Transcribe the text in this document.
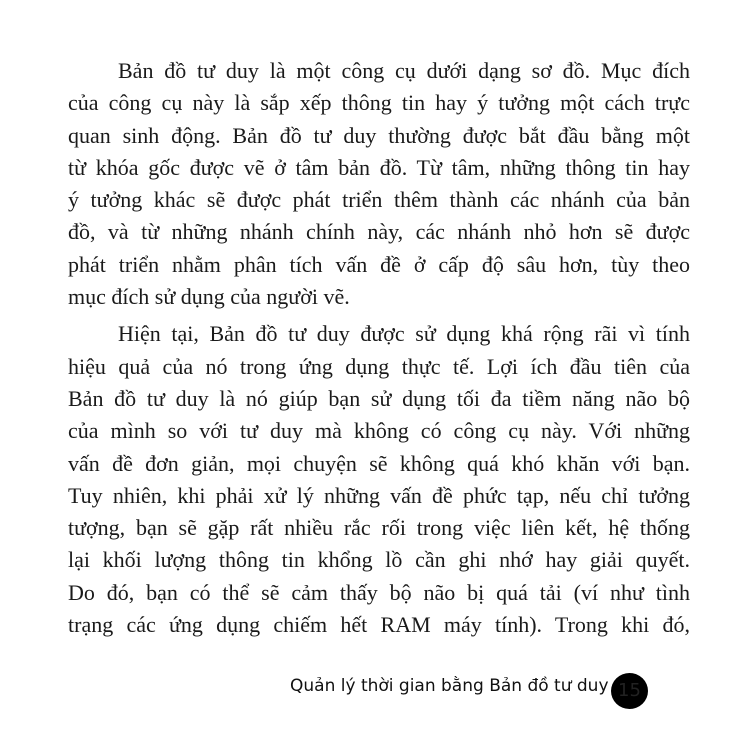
Bản đồ tư duy là một công cụ dưới dạng sơ đồ. Mục đích
của công cụ này là sắp xếp thông tin hay ý tưởng một cách trực
quan sinh động. Bản đồ tư duy thường được bắt đầu bằng một
từ khóa gốc được vẽ ở tâm bản đồ. Từ tâm, những thông tin hay
ý tưởng khác sẽ được phát triển thêm thành các nhánh của bản
đồ, và từ những nhánh chính này, các nhánh nhỏ hơn sẽ được
phát triển nhằm phân tích vấn đề ở cấp độ sâu hơn, tùy theo
mục đích sử dụng của người vẽ.
Hiện tại, Bản đồ tư duy được sử dụng khá rộng rãi vì tính
hiệu quả của nó trong ứng dụng thực tế. Lợi ích đầu tiên của
Bản đồ tư duy là nó giúp bạn sử dụng tối đa tiềm năng não bộ
của mình so với tư duy mà không có công cụ này. Với những
vấn đề đơn giản, mọi chuyện sẽ không quá khó khăn với bạn.
Tuy nhiên, khi phải xử lý những vấn đề phức tạp, nếu chỉ tưởng
tượng, bạn sẽ gặp rất nhiều rắc rối trong việc liên kết, hệ thống
lại khối lượng thông tin khổng lồ cần ghi nhớ hay giải quyết.
Do đó, bạn có thể sẽ cảm thấy bộ não bị quá tải (ví như tình
trạng các ứng dụng chiếm hết RAM máy tính). Trong khi đó,
Quản lý thời gian bằng Bản đồ tư duy 15
